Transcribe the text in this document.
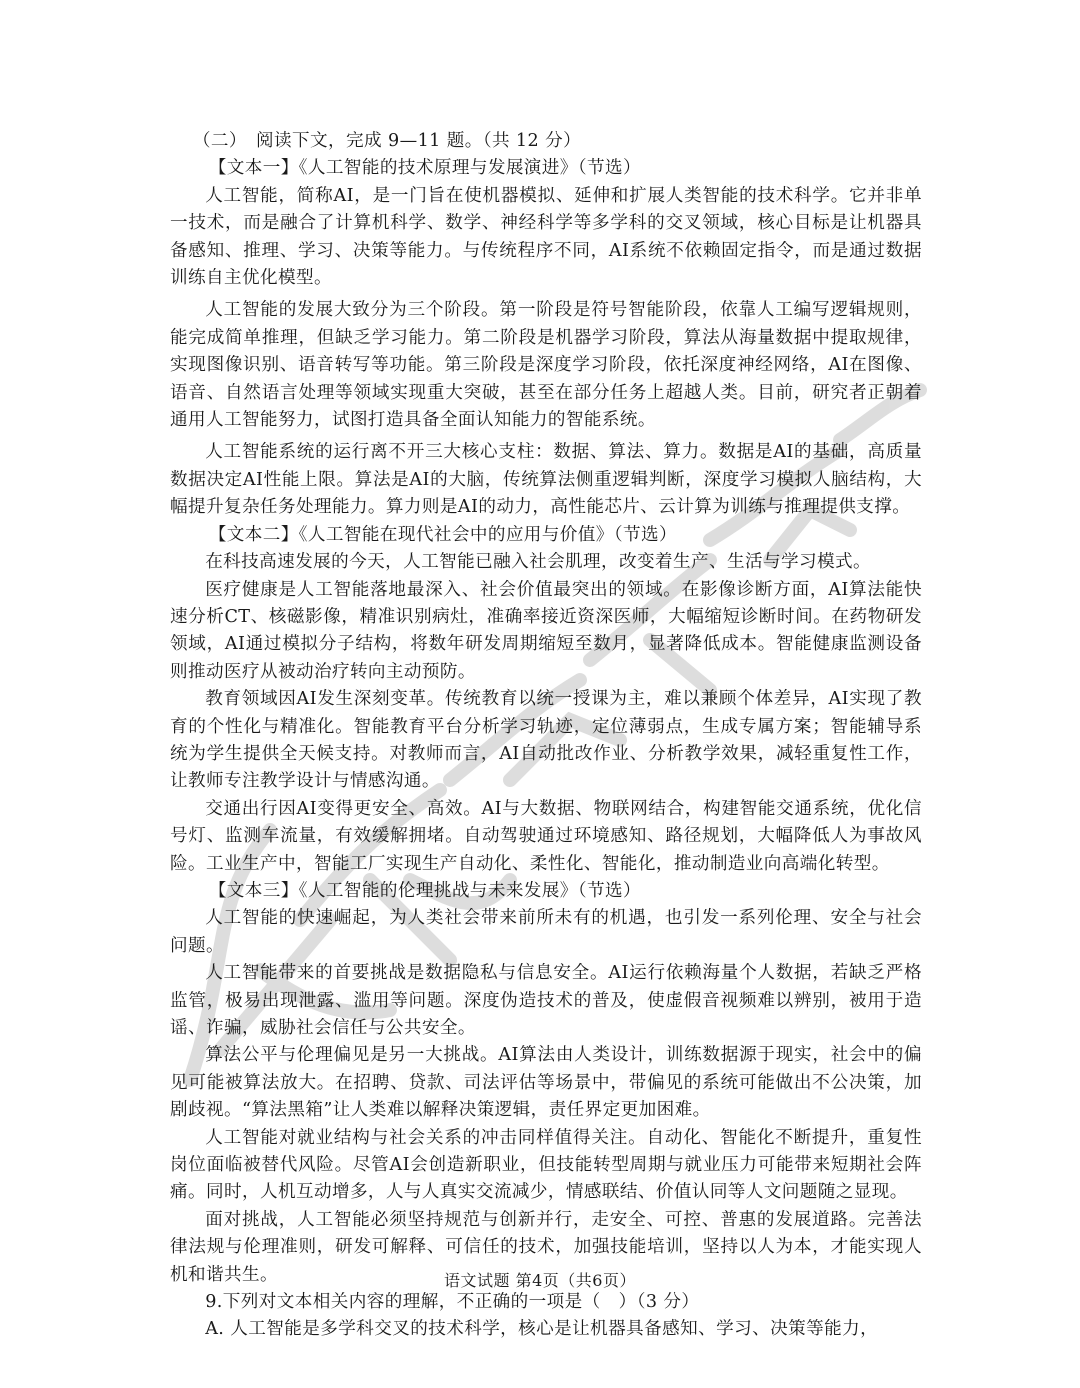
（二）　阅读下文，完成 9—11 题。（共 12 分）

【文本一】《人工智能的技术原理与发展演进》（节选）

人工智能，简称AI，是一门旨在使机器模拟、延伸和扩展人类智能的技术科学。它并非单一技术，而是融合了计算机科学、数学、神经科学等多学科的交叉领域，核心目标是让机器具备感知、推理、学习、决策等能力。与传统程序不同，AI系统不依赖固定指令，而是通过数据训练自主优化模型。

人工智能的发展大致分为三个阶段。第一阶段是符号智能阶段，依靠人工编写逻辑规则，能完成简单推理，但缺乏学习能力。第二阶段是机器学习阶段，算法从海量数据中提取规律，实现图像识别、语音转写等功能。第三阶段是深度学习阶段，依托深度神经网络，AI在图像、语音、自然语言处理等领域实现重大突破，甚至在部分任务上超越人类。目前，研究者正朝着通用人工智能努力，试图打造具备全面认知能力的智能系统。

人工智能系统的运行离不开三大核心支柱：数据、算法、算力。数据是AI的基础，高质量数据决定AI性能上限。算法是AI的大脑，传统算法侧重逻辑判断，深度学习模拟人脑结构，大幅提升复杂任务处理能力。算力则是AI的动力，高性能芯片、云计算为训练与推理提供支撑。

【文本二】《人工智能在现代社会中的应用与价值》（节选）

在科技高速发展的今天，人工智能已融入社会肌理，改变着生产、生活与学习模式。

医疗健康是人工智能落地最深入、社会价值最突出的领域。在影像诊断方面，AI算法能快速分析CT、核磁影像，精准识别病灶，准确率接近资深医师，大幅缩短诊断时间。在药物研发领域，AI通过模拟分子结构，将数年研发周期缩短至数月，显著降低成本。智能健康监测设备则推动医疗从被动治疗转向主动预防。

教育领域因AI发生深刻变革。传统教育以统一授课为主，难以兼顾个体差异，AI实现了教育的个性化与精准化。智能教育平台分析学习轨迹，定位薄弱点，生成专属方案；智能辅导系统为学生提供全天候支持。对教师而言，AI自动批改作业、分析教学效果，减轻重复性工作，让教师专注教学设计与情感沟通。

交通出行因AI变得更安全、高效。AI与大数据、物联网结合，构建智能交通系统，优化信号灯、监测车流量，有效缓解拥堵。自动驾驶通过环境感知、路径规划，大幅降低人为事故风险。工业生产中，智能工厂实现生产自动化、柔性化、智能化，推动制造业向高端化转型。

【文本三】《人工智能的伦理挑战与未来发展》（节选）

人工智能的快速崛起，为人类社会带来前所未有的机遇，也引发一系列伦理、安全与社会问题。

人工智能带来的首要挑战是数据隐私与信息安全。AI运行依赖海量个人数据，若缺乏严格监管，极易出现泄露、滥用等问题。深度伪造技术的普及，使虚假音视频难以辨别，被用于造谣、诈骗，威胁社会信任与公共安全。

算法公平与伦理偏见是另一大挑战。AI算法由人类设计，训练数据源于现实，社会中的偏见可能被算法放大。在招聘、贷款、司法评估等场景中，带偏见的系统可能做出不公决策，加剧歧视。“算法黑箱”让人类难以解释决策逻辑，责任界定更加困难。

人工智能对就业结构与社会关系的冲击同样值得关注。自动化、智能化不断提升，重复性岗位面临被替代风险。尽管AI会创造新职业，但技能转型周期与就业压力可能带来短期社会阵痛。同时，人机互动增多，人与人真实交流减少，情感联结、价值认同等人文问题随之显现。

面对挑战，人工智能必须坚持规范与创新并行，走安全、可控、普惠的发展道路。完善法律法规与伦理准则，研发可解释、可信任的技术，加强技能培训，坚持以人为本，才能实现人机和谐共生。

9.下列对文本相关内容的理解，不正确的一项是（　）（3 分）

A. 人工智能是多学科交叉的技术科学，核心是让机器具备感知、学习、决策等能力，

语文试题 第4页（共6页）
